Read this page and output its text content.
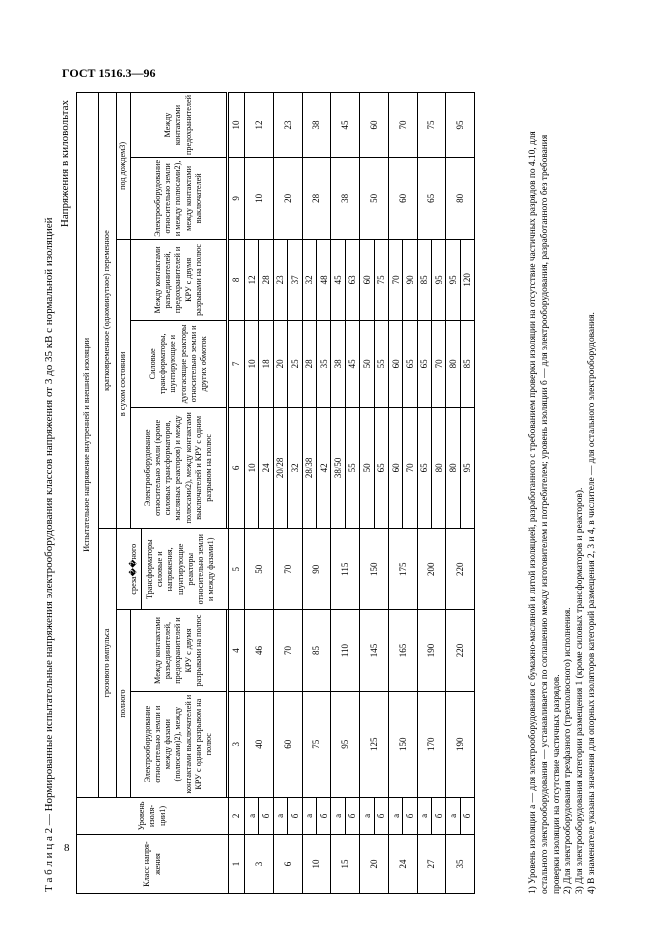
ГОСТ 1516.3—96
8
Т а б л и ц а 2 — Нормированные испытательные напряжения электрооборудования классов напряжения от 3 до 35 кВ с нормальной изоляцией
Напряжения в киловольтах
Класс напря-жения	Уровень изоля-ции1)	Испытательное напряжение внутренней и внешней изоляции							
		грозового импульса			кратковременное (одноминутное) переменное				
		полного		среза��ного Трансформаторы силовые и напряжения, шунтирующие реакторы относительно земли и между фазами1)	в сухом состоянии			под дождем3)	
		Электрооборудование относительно земли и между фазами (полюсами)2), между контактами выключателей и КРУ с одним разрывом на полюс	Между контактами разъединителей, предохранителей и КРУ с двумя разрывами на полюс		Электрооборудование относительно земли (кроме силовых трансформаторов, масляных реакторов) и между полюсами2), между контактами выключателей и КРУ с одним разрывом на полюс	Силовые трансформаторы, шунтирующие и дугогасящие реакторы относительно земли и других обмоток	Между контактами разъединителей, предохранителей и КРУ с двумя разрывами на полюс	Электрооборудование относительно земли и между полюсами2), между контактами выключателей	Между контактами предохранителей

1	2	3	4	5	6	7	8	9	10
3	а	40	46	50	10	10	12	10	12
	б				24	18	28		
6	а	60	70	70	20/28	20	23	20	23
	б				32	25	37		
10	а	75	85	90	28/38	28	32	28	38
	б				42	35	48		
15	а	95	110	115	38/50	38	45	38	45
	б				55	45	63		
20	а	125	145	150	50	50	60	50	60
	б				65	55	75		
24	а	150	165	175	60	60	70	60	70
	б				70	65	90		
27	а	170	190	200	65	65	85	65	75
	б				80	70	95		
35	а	190	220	220	80	80	95	80	95
	б				95	85	120			1) Уровень изоляции а — для электрооборудования с бумажно-масляной и литой изоляцией, разработанного с требованием проверки изоляции на отсутствие частичных разрядов по 4.10, для остального электрооборудования — устанавливается по соглашению между изготовителем и потребителем; уровень изоляции б — для электрооборудования, разработанного без требования проверки изоляции на отсутствие частичных разрядов. 2) Для электрооборудования трехфазного (трехполюсного) исполнения. 3) Для электрооборудования категории размещения 1 (кроме силовых трансформаторов и реакторов). 4) В знаменателе указаны значения для опорных изоляторов категорий размещения 2, 3 и 4, в числителе — для остального электрооборудования.
